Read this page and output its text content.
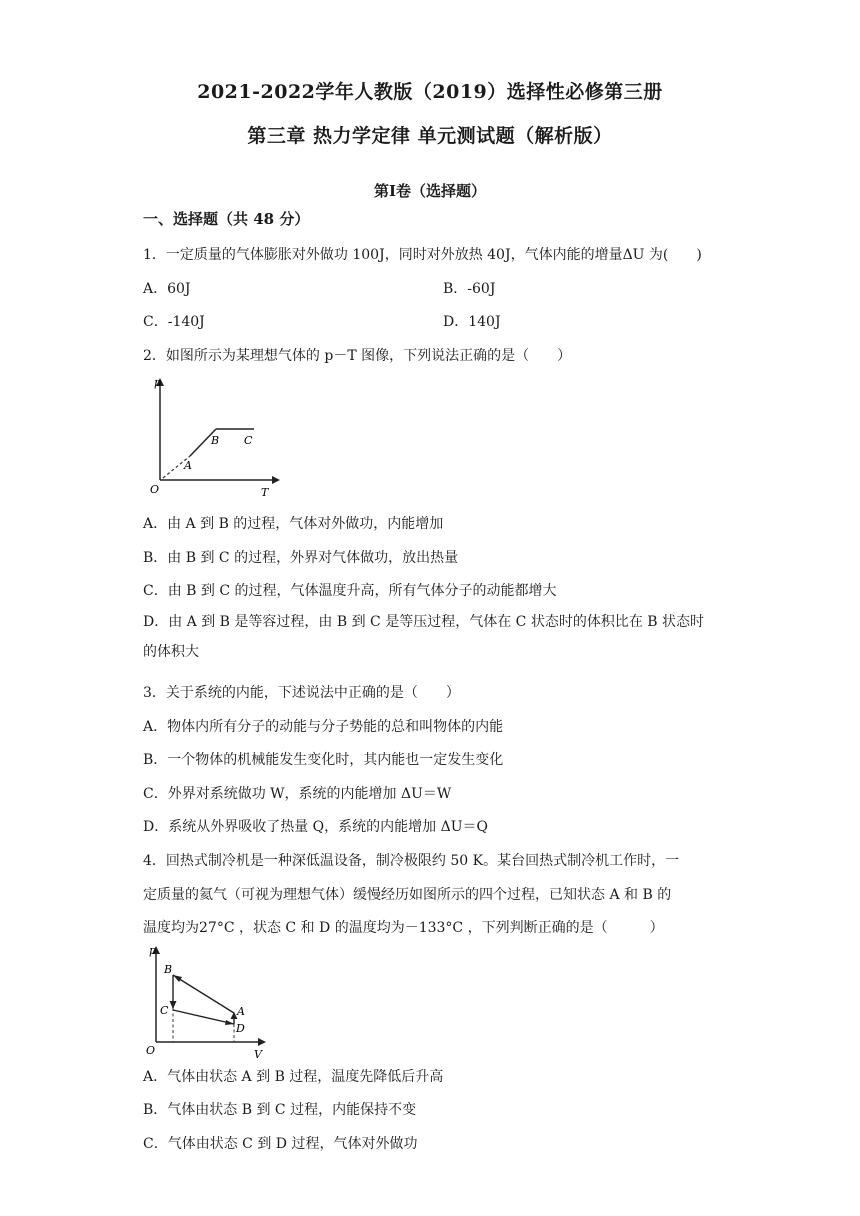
2021-2022学年人教版（2019）选择性必修第三册
第三章 热力学定律 单元测试题（解析版）
第Ⅰ卷（选择题）
一、选择题（共 48 分）
1．一定质量的气体膨胀对外做功 100J，同时对外放热 40J，气体内能的增量ΔU 为(　　)
A．60J	B．-60J
C．-140J	D．140J
2．如图所示为某理想气体的 p－T 图像，下列说法正确的是（　　）
p
O	T
A
B C
A．由 A 到 B 的过程，气体对外做功，内能增加
B．由 B 到 C 的过程，外界对气体做功，放出热量
C．由 B 到 C 的过程，气体温度升高，所有气体分子的动能都增大
D．由 A 到 B 是等容过程，由 B 到 C 是等压过程，气体在 C 状态时的体积比在 B 状态时的体积大
3．关于系统的内能，下述说法中正确的是（　　）
A．物体内所有分子的动能与分子势能的总和叫物体的内能
B．一个物体的机械能发生变化时，其内能也一定发生变化
C．外界对系统做功 W，系统的内能增加 ΔU＝W
D．系统从外界吸收了热量 Q，系统的内能增加 ΔU＝Q
4．回热式制冷机是一种深低温设备，制冷极限约 50 K。某台回热式制冷机工作时，一
定质量的氦气（可视为理想气体）缓慢经历如图所示的四个过程，已知状态 A 和 B 的
温度均为27°C ，状态 C 和 D 的温度均为－133°C ，下列判断正确的是（　　　）
p
O	V
B
C	A
D
A．气体由状态 A 到 B 过程，温度先降低后升高
B．气体由状态 B 到 C 过程，内能保持不变
C．气体由状态 C 到 D 过程，气体对外做功
